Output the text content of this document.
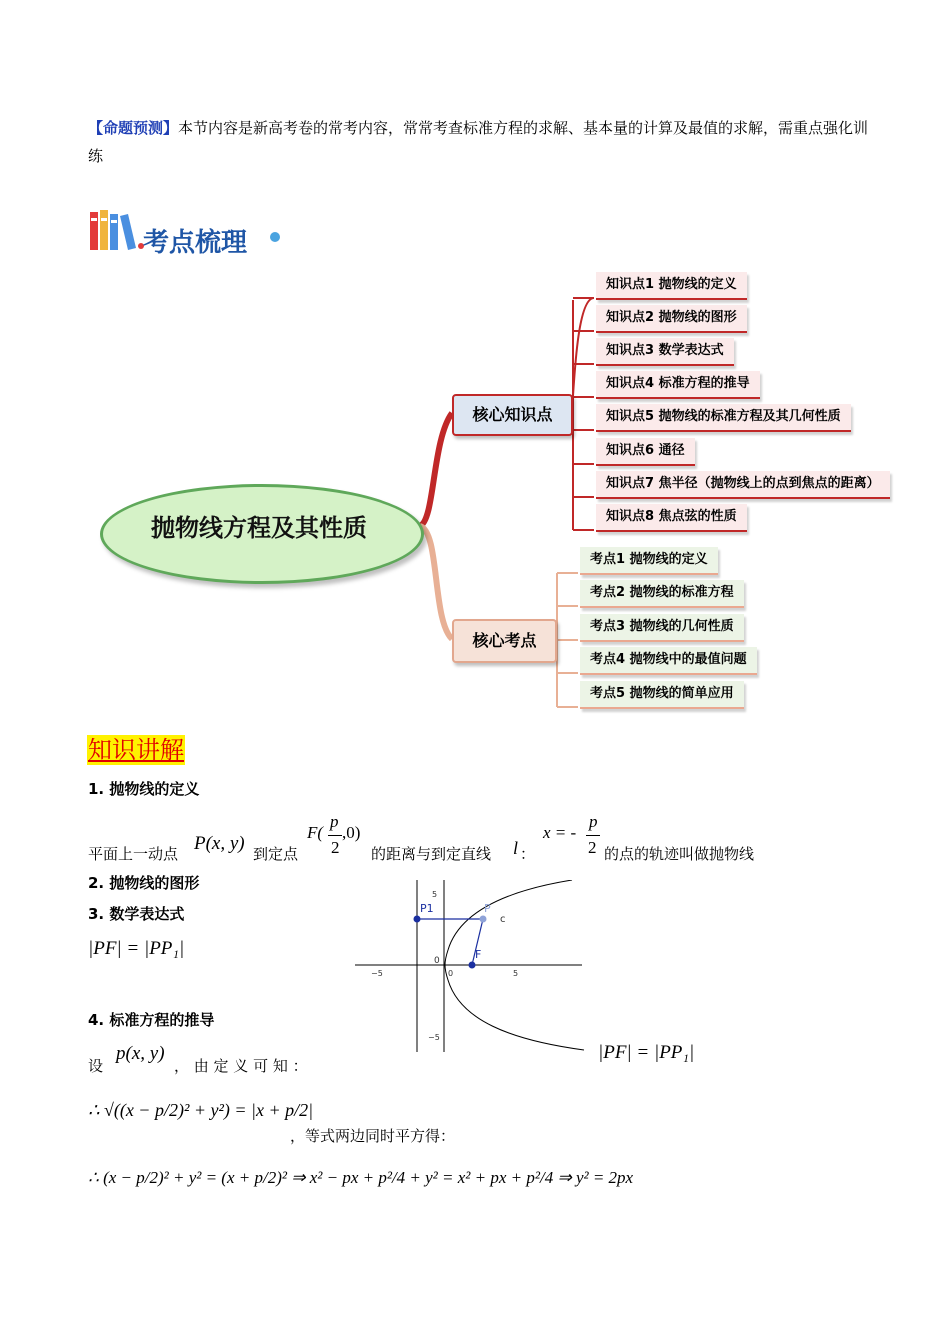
【命题预测】本节内容是新高考卷的常考内容，常常考查标准方程的求解、基本量的计算及最值的求解，需重点强化训练
考点梳理
抛物线方程及其性质
核心知识点
核心考点
知识点1 抛物线的定义
知识点2 抛物线的图形
知识点3 数学表达式
知识点4 标准方程的推导
知识点5 抛物线的标准方程及其几何性质
知识点6 通径
知识点7 焦半径（抛物线上的点到焦点的距离）
知识点8 焦点弦的性质
考点1 抛物线的定义
考点2 抛物线的标准方程
考点3 抛物线的几何性质
考点4 抛物线中的最值问题
考点5 抛物线的简单应用
知识讲解
1. 抛物线的定义
平面上一动点 P(x, y) 到定点
F(
p
2
,0)
的距离与到定直线 l ：
x = -
p
2 的点的轨迹叫做抛物线
2. 抛物线的图形
3. 数学表达式
|PF| = |PP₁|
P1	P
F
c
0
−5	0	5
5
−5
|PF| = |PP₁|
4. 标准方程的推导
设
p(x, y)
， 由 定 义 可 知 ：
∴ √((x − p/2)² + y²) = |x + p/2|
，等式两边同时平方得：
∴ (x − p/2)² + y² = (x + p/2)² ⇒ x² − px + p²/4 + y² = x² + px + p²/4 ⇒ y² = 2px
